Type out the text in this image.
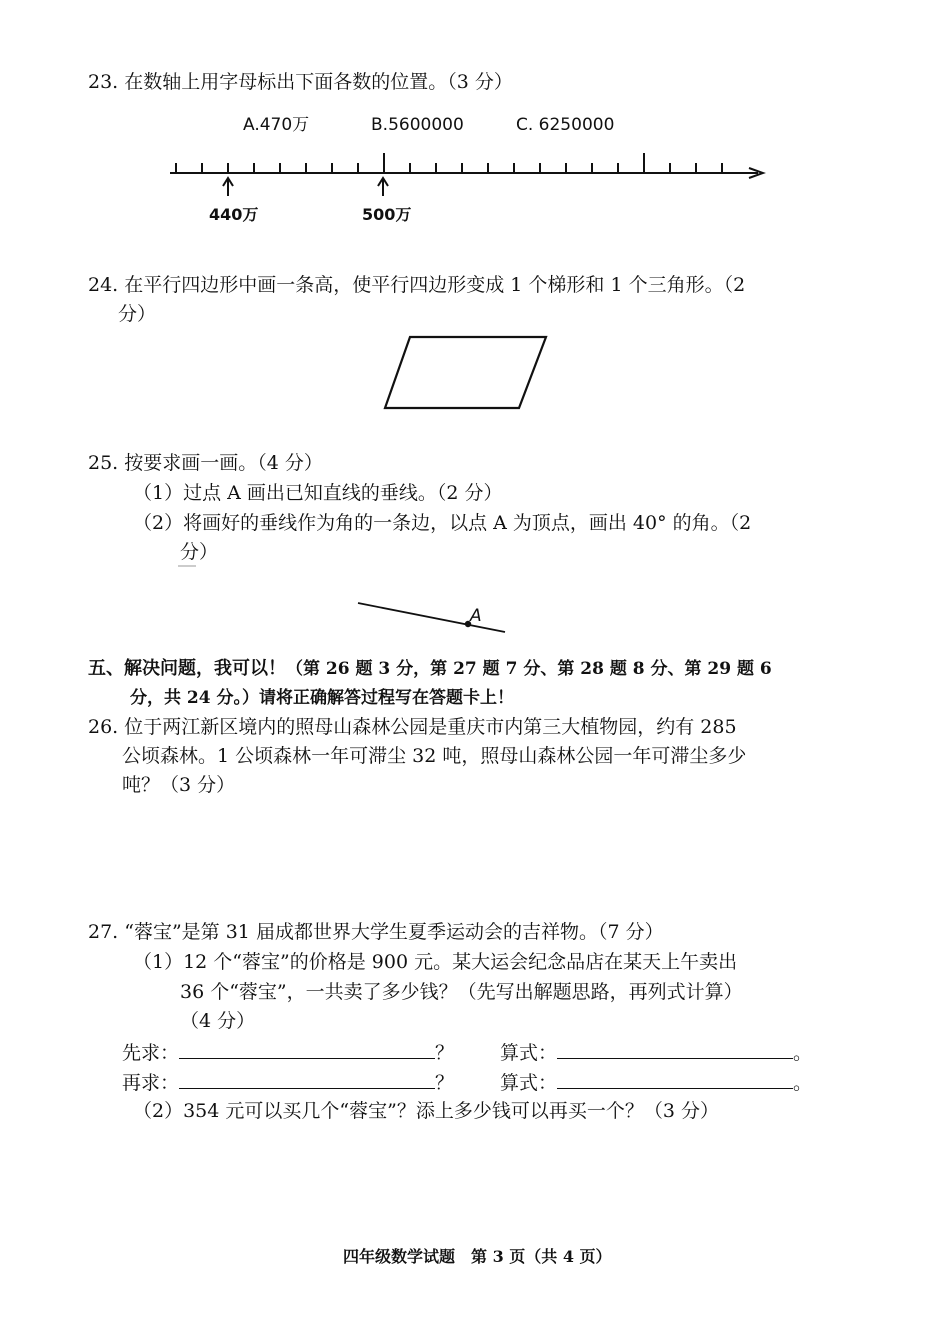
23. 在数轴上用字母标出下面各数的位置。（3 分）
A.470万	B.5600000	C. 6250000
440万	500万
24. 在平行四边形中画一条高，使平行四边形变成 1 个梯形和 1 个三角形。（2
分）
25. 按要求画一画。（4 分）
（1）过点 A 画出已知直线的垂线。（2 分）
（2）将画好的垂线作为角的一条边，以点 A 为顶点，画出 40° 的角。（2
分）
A
五、解决问题，我可以！（第 26 题 3 分，第 27 题 7 分、第 28 题 8 分、第 29 题 6
分，共 24 分。）请将正确解答过程写在答题卡上！
26. 位于两江新区境内的照母山森林公园是重庆市内第三大植物园，约有 285
公顷森林。1 公顷森林一年可滞尘 32 吨，照母山森林公园一年可滞尘多少
吨？（3 分）
27. “蓉宝”是第 31 届成都世界大学生夏季运动会的吉祥物。（7 分）
（1）12 个“蓉宝”的价格是 900 元。某大运会纪念品店在某天上午卖出
36 个“蓉宝”，一共卖了多少钱？（先写出解题思路，再列式计算）
（4 分）
先求：	？ 算式：	。
再求：	？ 算式：	。
（2）354 元可以买几个“蓉宝”？添上多少钱可以再买一个？（3 分）
四年级数学试题　第 3 页（共 4 页）
